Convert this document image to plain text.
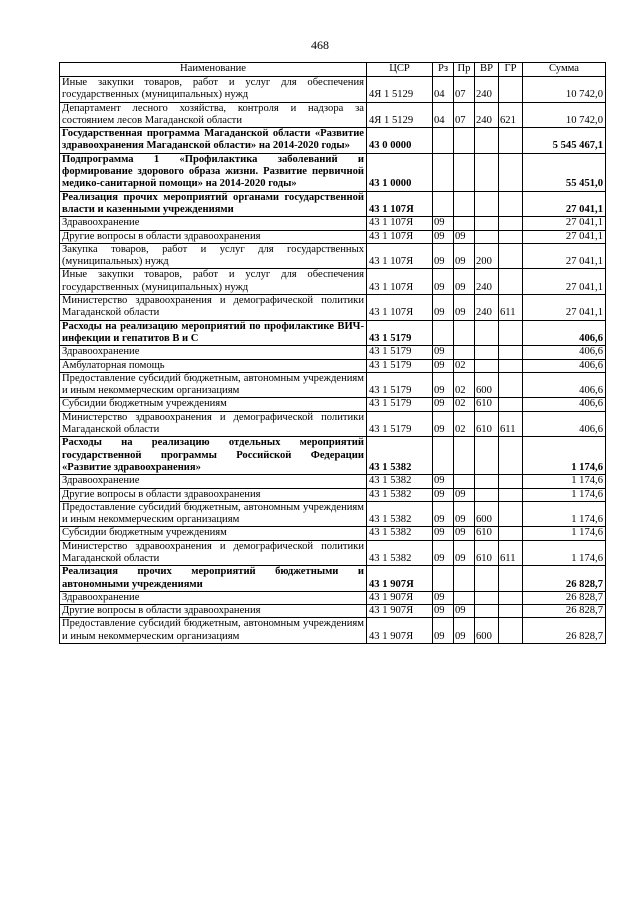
468
Наименование	ЦСР	Рз	Пр	ВР	ГР	Сумма
Иные закупки товаров, работ и услуг для обеспечения государственных (муниципальных) нужд	4Я 1 5129	04	07	240		10 742,0
Департамент лесного хозяйства, контроля и надзора за состоянием лесов Магаданской области	4Я 1 5129	04	07	240	621	10 742,0
Государственная программа Магаданской области «Развитие здравоохранения Магаданской области» на 2014-2020 годы»	43 0 0000					5 545 467,1
Подпрограмма 1 «Профилактика заболеваний и формирование здорового образа жизни. Развитие первичной медико-санитарной помощи» на 2014-2020 годы»	43 1 0000					55 451,0
Реализация прочих мероприятий органами государственной власти и казенными учреждениями	43 1 107Я					27 041,1
Здравоохранение	43 1 107Я	09				27 041,1
Другие вопросы в области здравоохранения	43 1 107Я	09	09			27 041,1
Закупка товаров, работ и услуг для государственных (муниципальных) нужд	43 1 107Я	09	09	200		27 041,1
Иные закупки товаров, работ и услуг для обеспечения государственных (муниципальных) нужд	43 1 107Я	09	09	240		27 041,1
Министерство здравоохранения и демографической политики Магаданской области	43 1 107Я	09	09	240	611	27 041,1
Расходы на реализацию мероприятий по профилактике ВИЧ-инфекции и гепатитов В и С	43 1 5179					406,6
Здравоохранение	43 1 5179	09				406,6
Амбулаторная помощь	43 1 5179	09	02			406,6
Предоставление субсидий бюджетным, автономным учреждениям и иным некоммерческим организациям	43 1 5179	09	02	600		406,6
Субсидии бюджетным учреждениям	43 1 5179	09	02	610		406,6
Министерство здравоохранения и демографической политики Магаданской области	43 1 5179	09	02	610	611	406,6
Расходы на реализацию отдельных мероприятий государственной программы Российской Федерации «Развитие здравоохранения»	43 1 5382					1 174,6
Здравоохранение	43 1 5382	09				1 174,6
Другие вопросы в области здравоохранения	43 1 5382	09	09			1 174,6
Предоставление субсидий бюджетным, автономным учреждениям и иным некоммерческим организациям	43 1 5382	09	09	600		1 174,6
Субсидии бюджетным учреждениям	43 1 5382	09	09	610		1 174,6
Министерство здравоохранения и демографической политики Магаданской области	43 1 5382	09	09	610	611	1 174,6
Реализация прочих мероприятий бюджетными и автономными учреждениями	43 1 907Я					26 828,7
Здравоохранение	43 1 907Я	09				26 828,7
Другие вопросы в области здравоохранения	43 1 907Я	09	09			26 828,7
Предоставление субсидий бюджетным, автономным учреждениям и иным некоммерческим организациям	43 1 907Я	09	09	600		26 828,7
